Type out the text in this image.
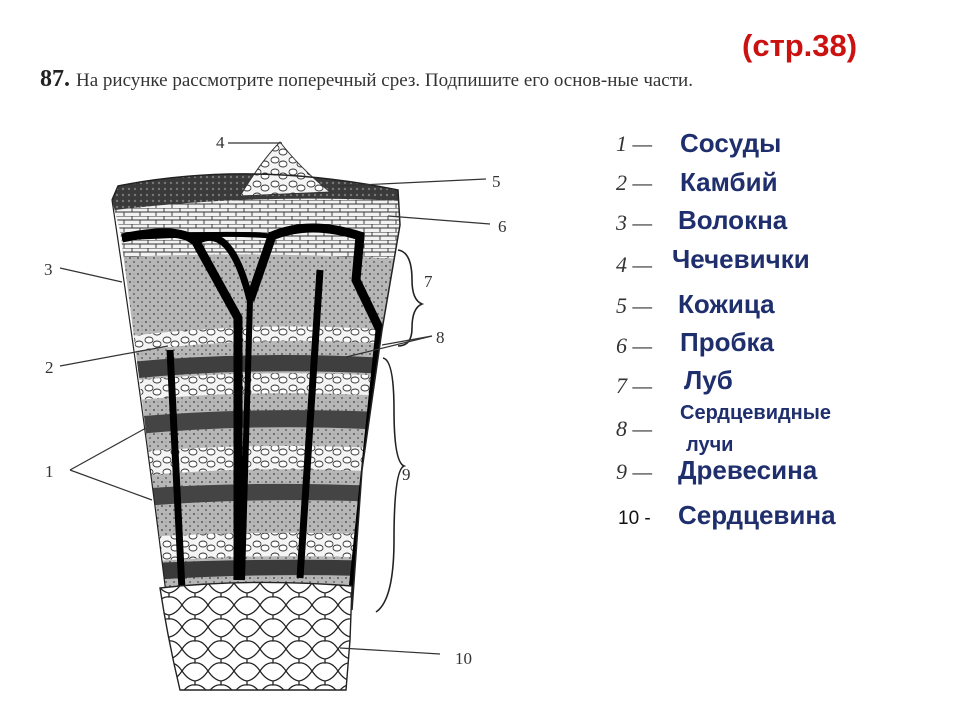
(стр.38)
87. На рисунке рассмотрите поперечный срез. Подпишите его основ-ные части.
1
2
3
4
5
6
7
8
9
10
1 — Сосуды
2 — Камбий
3 — Волокна
4 — Чечевички
5 — Кожица
6 — Пробка
7 — Луб
8 —
Сердцевидные
лучи
9 — Древесина
10 - Сердцевина
